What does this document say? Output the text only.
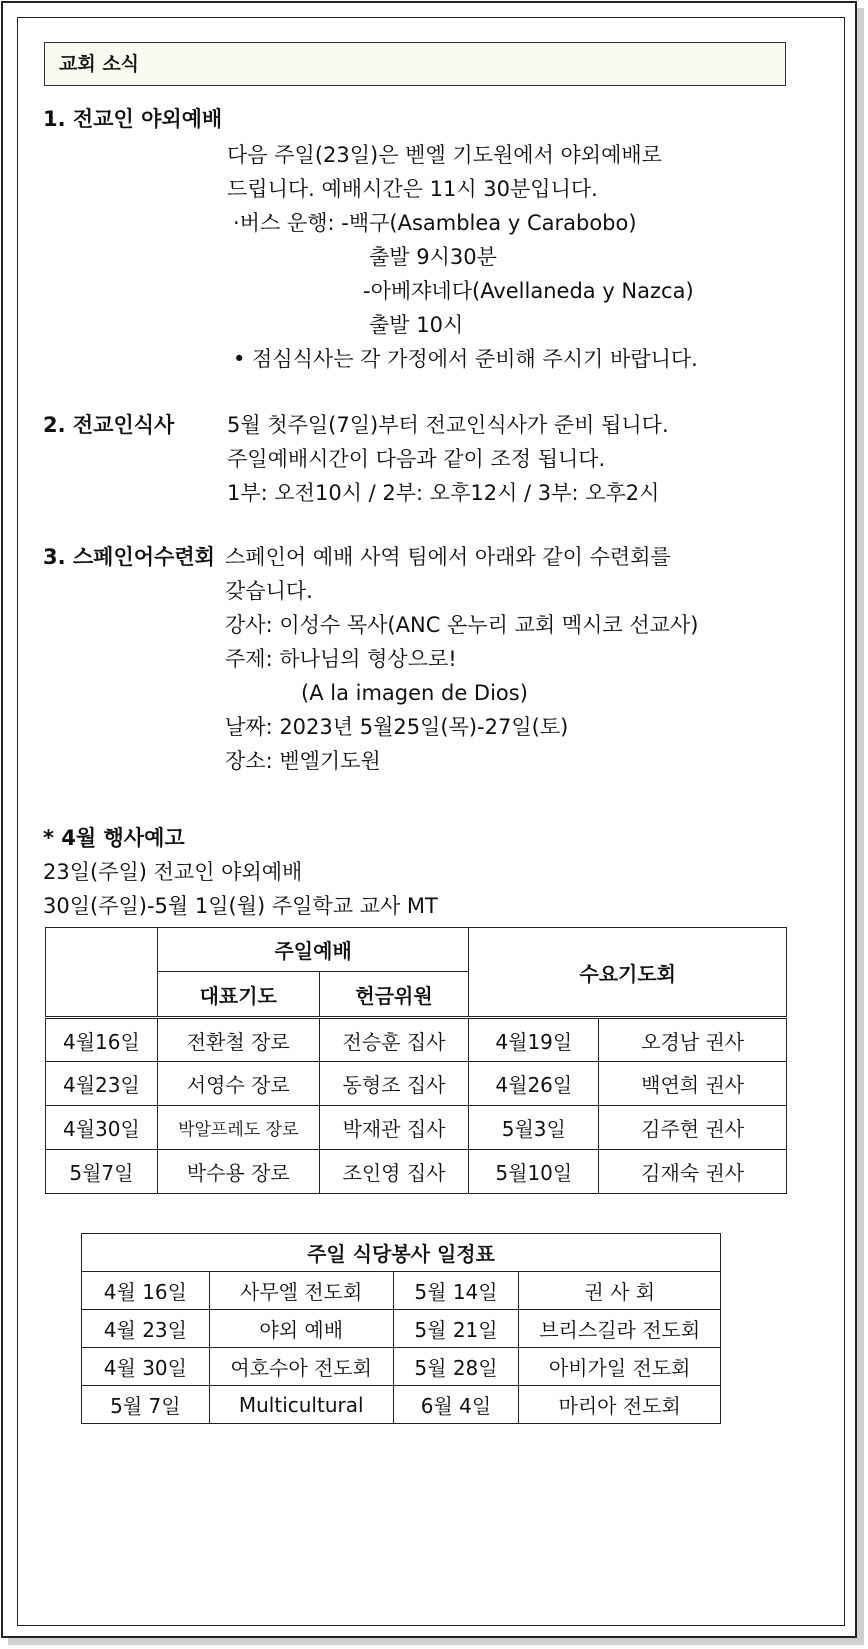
교회 소식
1. 전교인 야외예배
다음 주일(23일)은 벧엘 기도원에서 야외예배로
드립니다. 예배시간은 11시 30분입니다.
·버스 운행: -백구(Asamblea y Carabobo)
출발 9시30분
-아베쟈네다(Avellaneda y Nazca)
출발 10시
• 점심식사는 각 가정에서 준비해 주시기 바랍니다.
2. 전교인식사	5월 첫주일(7일)부터 전교인식사가 준비 됩니다.
주일예배시간이 다음과 같이 조정 됩니다.
1부: 오전10시 / 2부: 오후12시 / 3부: 오후2시
3. 스페인어수련회 스페인어 예배 사역 팀에서 아래와 같이 수련회를
갖습니다.
강사: 이성수 목사(ANC 온누리 교회 멕시코 선교사)
주제: 하나님의 형상으로!
(A la imagen de Dios)
날짜: 2023년 5월25일(목)-27일(토)
장소: 벧엘기도원
* 4월 행사예고
23일(주일) 전교인 야외예배
30일(주일)-5월 1일(월) 주일학교 교사 MT
	주일예배		수요기도회	
	대표기도	헌금위원		
4월16일	전환철 장로	전승훈 집사	4월19일	오경남 권사
4월23일	서영수 장로	동형조 집사	4월26일	백연희 권사
4월30일	박알프레도 장로	박재관 집사	5월3일	김주현 권사
5월7일	박수용 장로	조인영 집사	5월10일	김재숙 권사
주일 식당봉사 일정표			
4월 16일	사무엘 전도회	5월 14일	권 사 회
4월 23일	야외 예배	5월 21일	브리스길라 전도회
4월 30일	여호수아 전도회	5월 28일	아비가일 전도회
5월 7일	Multicultural	6월 4일	마리아 전도회
